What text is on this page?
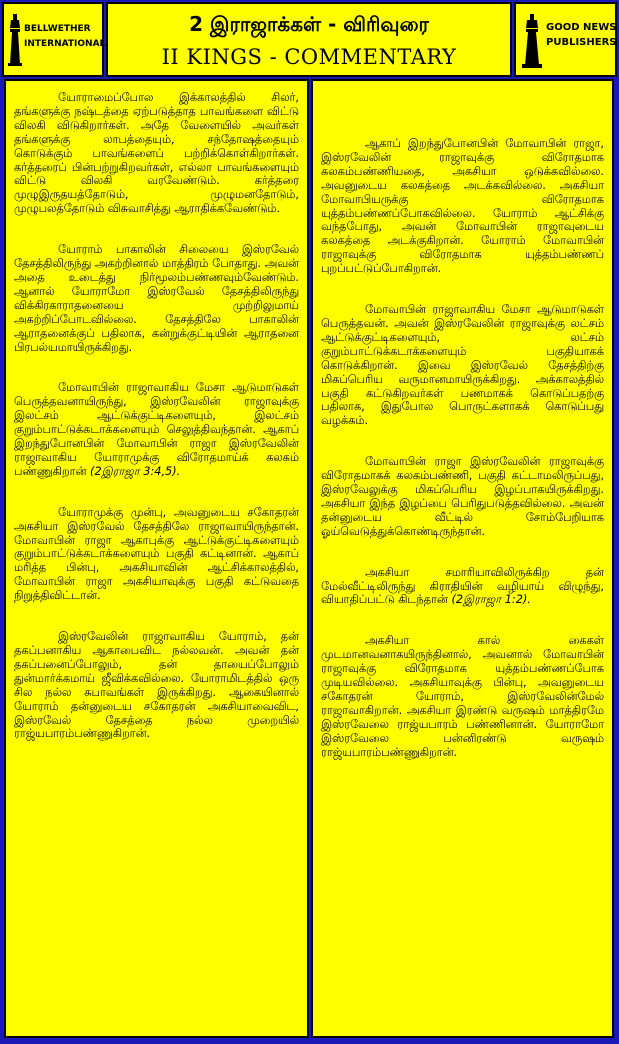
BELLWETHER
INTERNATIONAL
2 இராஜாக்கள் - விரிவுரை
II KINGS - COMMENTARY
GOOD NEWS
PUBLISHERS

யோராமைப்போல இக்காலத்தில் சிலர், தங்களுக்கு நஷ்டத்தை ஏற்படுத்தாத பாவங்களை விட்டு விலகி விடுகிறார்கள். அதே வேளையில் அவர்கள் தங்களுக்கு லாபத்தையும், சந்தோஷத்தையும் கொடுக்கும் பாவங்களைப் பற்றிக்கொள்கிறார்கள். கர்த்தரைப் பின்பற்றுகிறவர்கள், எல்லா பாவங்களையும் விட்டு விலகி வரவேண்டும். கர்த்தரை முழுஇருதயத்தோடும், முழுமனதோடும், முழுபலத்தோடும் விசுவாசித்து ஆராதிக்கவேண்டும்.

யோராம் பாகாலின் சிலையை இஸ்ரவேல் தேசத்திலிருந்து அகற்றினால் மாத்திரம் போதாது. அவன் அதை உடைத்து நிர்மூலம்பண்ணவும்வேண்டும். ஆனால் யோராமோ இஸ்ரவேல் தேசத்திலிருந்து விக்கிரகாராதனையை முற்றிலுமாய் அகற்றிப்போடவில்லை. தேசத்திலே பாகாலின் ஆராதனைக்குப் பதிலாக, கன்றுக்குட்டியின் ஆராதனை பிரபல்யமாயிருக்கிறது.

மோவாபின் ராஜாவாகிய மேசா ஆடுமாடுகள் பெருத்தவனாயிருந்து, இஸ்ரவேலின் ராஜாவுக்கு இலட்சம் ஆட்டுக்குட்டிகளையும், இலட்சம் குறும்பாட்டுக்கடாக்களையும் செலுத்திவந்தான். ஆகாப் இறந்துபோனபின் மோவாபின் ராஜா இஸ்ரவேலின் ராஜாவாகிய யோராமுக்கு விரோதமாய்க் கலகம் பண்ணுகிறான் (2இராஜா 3:4,5).

யோராமுக்கு முன்பு, அவனுடைய சகோதரன் அகசியா இஸ்ரவேல் தேசத்திலே ராஜாவாயிருந்தான். மோவாபின் ராஜா ஆகாபுக்கு ஆட்டுக்குட்டிகளையும் குறும்பாட்டுக்கடாக்களையும் பகுதி கட்டினான். ஆகாப் மரித்த பின்பு, அகசியாவின் ஆட்சிக்காலத்தில், மோவாபின் ராஜா அகசியாவுக்கு பகுதி கட்டுவதை நிறுத்திவிட்டான்.

இஸ்ரவேலின் ராஜாவாகிய யோராம், தன் தகப்பனாகிய ஆகாபைவிட நல்லவன். அவன் தன் தகப்பனைப்போலும், தன் தாயைப்போலும் துன்மார்க்கமாய் ஜீவிக்கவில்லை. யோராமிடத்தில் ஒரு சில நல்ல சுபாவங்கள் இருக்கிறது. ஆகையினால் யோராம் தன்னுடைய சகோதரன் அகசியாவைவிட, இஸ்ரவேல் தேசத்தை நல்ல முறையில் ராஜ்யபாரம்பண்ணுகிறான்.

ஆகாப் இறந்துபோனபின் மோவாபின் ராஜா, இஸ்ரவேலின் ராஜாவுக்கு விரோதமாக கலகம்பண்ணியதை, அகசியா ஒடுக்கவில்லை. அவனுடைய கலகத்தை அடக்கவில்லை. அகசியா மோவாபியருக்கு விரோதமாக யுத்தம்பண்ணப்போகவில்லை. யோராம் ஆட்சிக்கு வந்தபோது, அவன் மோவாபின் ராஜாவுடைய கலகத்தை அடக்குகிறான். யோராம் மோவாபின் ராஜாவுக்கு விரோதமாக யுத்தம்பண்ணப் புறப்பட்டுப்போகிறான்.

மோவாபின் ராஜாவாகிய மேசா ஆடுமாடுகள் பெருத்தவன். அவன் இஸ்ரவேலின் ராஜாவுக்கு லட்சம் ஆட்டுக்குட்டிகளையும், லட்சம் குறும்பாட்டுக்கடாக்களையும் பகுதியாகக் கொடுக்கிறான். இவை இஸ்ரவேல் தேசத்திற்கு மிகப்பெரிய வருமானமாயிருக்கிறது. அக்காலத்தில் பகுதி கட்டுகிறவர்கள் பணமாகக் கொடுப்பதற்கு பதிலாக, இதுபோல பொருட்களாகக் கொடுப்பது வழக்கம்.

மோவாபின் ராஜா இஸ்ரவேலின் ராஜாவுக்கு விரோதமாகக் கலகம்பண்ணி, பகுதி கட்டாமலிருப்பது, இஸ்ரவேலுக்கு மிகப்பெரிய இழப்பாகயிருக்கிறது. அகசியா இந்த இழப்பை பெரிதுபடுத்தவில்லை. அவன் தன்னுடைய வீட்டில் சோம்பேறியாக ஓய்வெடுத்துக்கொண்டிருந்தான்.

அகசியா சமாரியாவிலிருக்கிற தன் மேல்வீட்டிலிருந்து கிராதியின் வழியாய் விழுந்து, வியாதிப்பட்டு கிடந்தான் (2இராஜா 1:2).

அகசியா கால் கைகள் முடமானவனாகயிருந்தினால், அவனால் மோவாபின் ராஜாவுக்கு விரோதமாக யுத்தம்பண்ணப்போக முடியவில்லை. அகசியாவுக்கு பின்பு, அவனுடைய சகோதரன் யோராம், இஸ்ரவேலின்மேல் ராஜாவாகிறான். அகசியா இரண்டு வருஷம் மாத்திரமே இஸ்ரவேலை ராஜ்யபாரம் பண்ணினான். யோராமோ இஸ்ரவேலை பன்னிரண்டு வருஷம் ராஜ்யபாரம்பண்ணுகிறான்.
